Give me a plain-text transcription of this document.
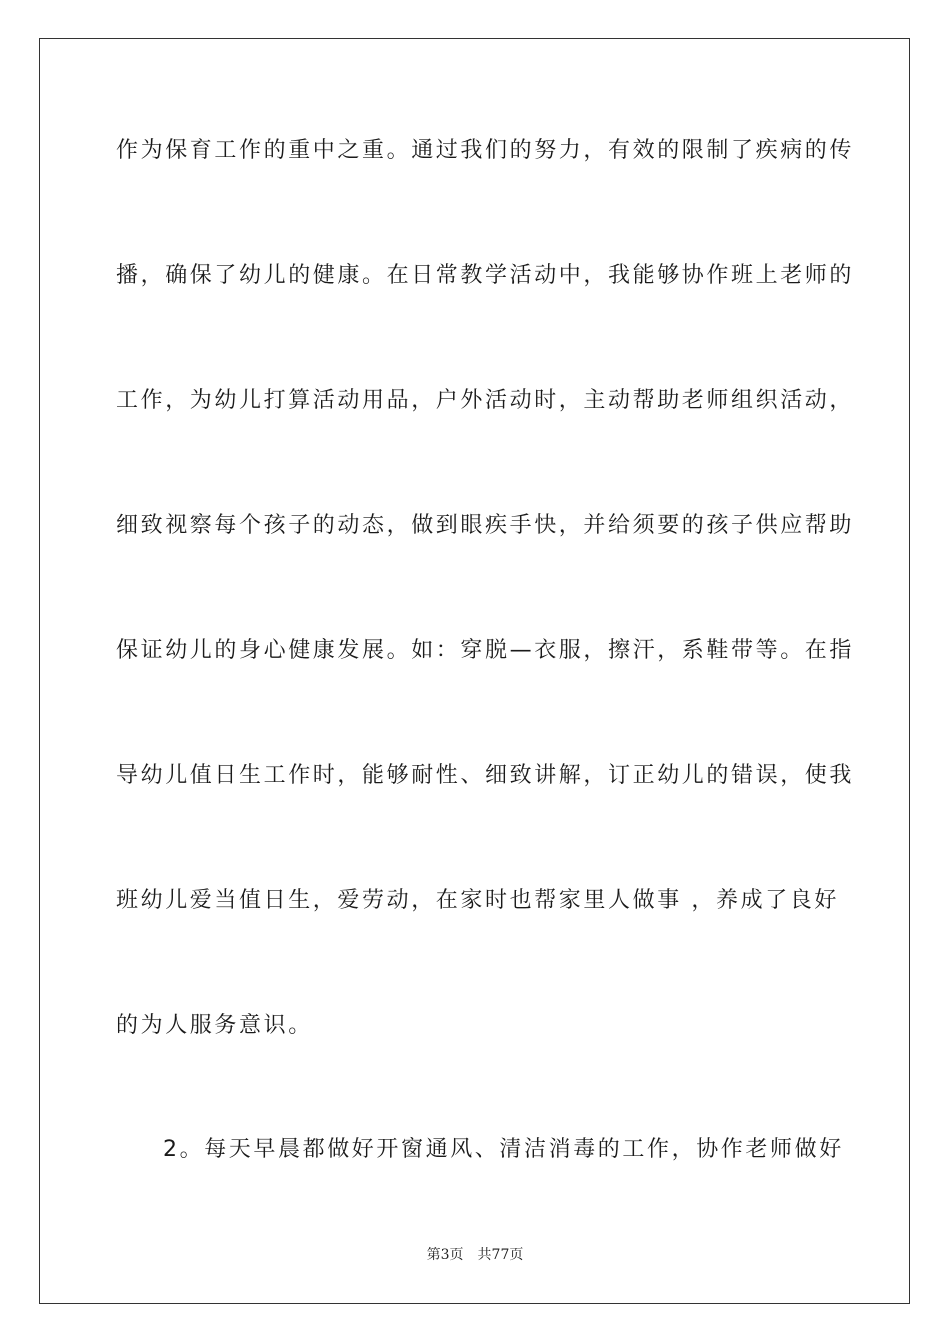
作为保育工作的重中之重。通过我们的努力，有效的限制了疾病的传
播，确保了幼儿的健康。在日常教学活动中，我能够协作班上老师的
工作，为幼儿打算活动用品，户外活动时，主动帮助老师组织活动，
细致视察每个孩子的动态，做到眼疾手快，并给须要的孩子供应帮助
保证幼儿的身心健康发展。如：穿脱—衣服，擦汗，系鞋带等。在指
导幼儿值日生工作时，能够耐性、细致讲解，订正幼儿的错误，使我
班幼儿爱当值日生，爱劳动，在家时也帮家里人做事 ，养成了良好
的为人服务意识。
2。每天早晨都做好开窗通风、清洁消毒的工作，协作老师做好
第3页 共77页
